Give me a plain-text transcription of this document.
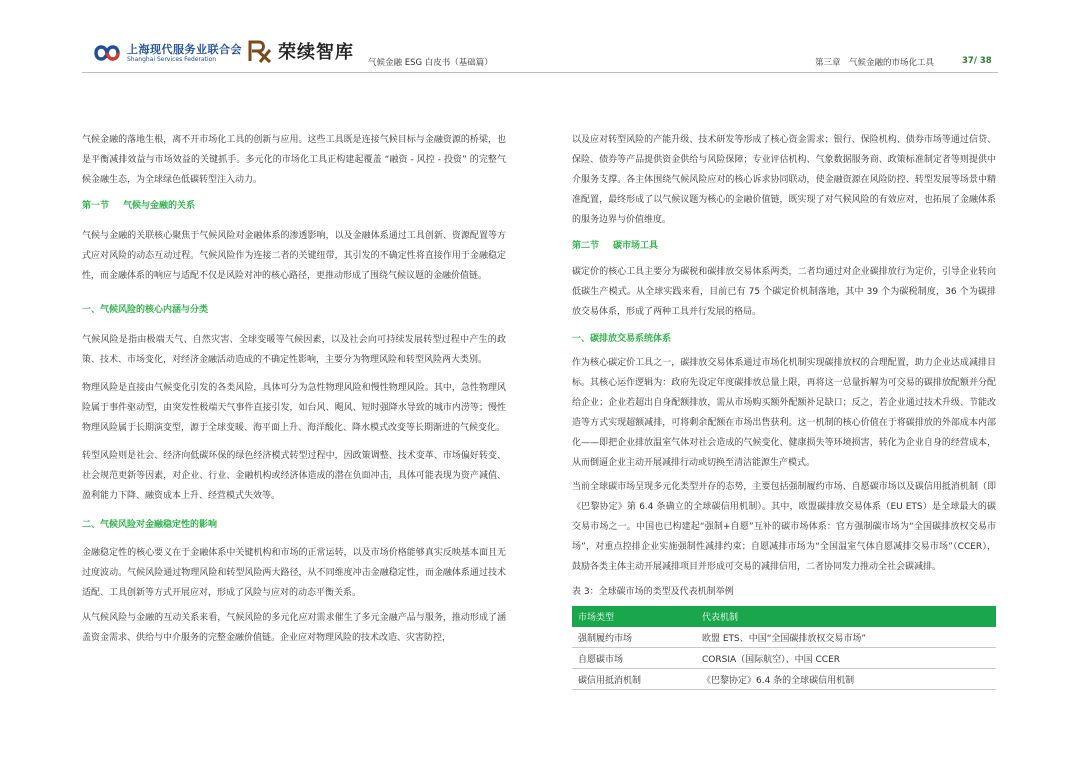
上海现代服务业联合会
Shanghai Services Federation	荣续智库 气候金融 ESG 白皮书（基础篇）	第三章　气候金融的市场化工具	37/ 38

气候金融的落地生根，离不开市场化工具的创新与应用。这些工具既是连接气候目标与金融资源的桥梁，也是平衡减排效益与市场效益的关键抓手。多元化的市场化工具正构建起覆盖 “融资 - 风控 - 投资” 的完整气候金融生态，为全球绿色低碳转型注入动力。

第一节 气候与金融的关系

气候与金融的关联核心聚焦于气候风险对金融体系的渗透影响，以及金融体系通过工具创新、资源配置等方式应对风险的动态互动过程。气候风险作为连接二者的关键纽带，其引发的不确定性将直接作用于金融稳定性，而金融体系的响应与适配不仅是风险对冲的核心路径，更推动形成了围绕气候议题的金融价值链。

一、气候风险的核心内涵与分类

气候风险是指由极端天气、自然灾害、全球变暖等气候因素，以及社会向可持续发展转型过程中产生的政策、技术、市场变化，对经济金融活动造成的不确定性影响，主要分为物理风险和转型风险两大类别。

物理风险是直接由气候变化引发的各类风险，具体可分为急性物理风险和慢性物理风险。其中，急性物理风险属于事件驱动型，由突发性极端天气事件直接引发，如台风、飓风、短时强降水导致的城市内涝等；慢性物理风险属于长期演变型，源于全球变暖、海平面上升、海洋酸化、降水模式改变等长期渐进的气候变化。

转型风险则是社会、经济向低碳环保的绿色经济模式转型过程中，因政策调整、技术变革、市场偏好转变、社会规范更新等因素，对企业、行业、金融机构或经济体造成的潜在负面冲击，具体可能表现为资产减值、盈利能力下降、融资成本上升、经营模式失效等。

二、气候风险对金融稳定性的影响

金融稳定性的核心要义在于金融体系中关键机构和市场的正常运转，以及市场价格能够真实反映基本面且无过度波动。气候风险通过物理风险和转型风险两大路径，从不同维度冲击金融稳定性，而金融体系通过技术适配、工具创新等方式开展应对，形成了风险与应对的动态平衡关系。

从气候风险与金融的互动关系来看，气候风险的多元化应对需求催生了多元金融产品与服务，推动形成了涵盖资金需求、供给与中介服务的完整金融价值链。企业应对物理风险的技术改造、灾害防控，

以及应对转型风险的产能升级、技术研发等形成了核心资金需求；银行、保险机构、债券市场等通过信贷、保险、债券等产品提供资金供给与风险保障；专业评估机构、气象数据服务商、政策标准制定者等则提供中介服务支撑。各主体围绕气候风险应对的核心诉求协同联动，使金融资源在风险防控、转型发展等场景中精准配置，最终形成了以气候议题为核心的金融价值链，既实现了对气候风险的有效应对，也拓展了金融体系的服务边界与价值维度。

第二节 碳市场工具

碳定价的核心工具主要分为碳税和碳排放交易体系两类，二者均通过对企业碳排放行为定价，引导企业转向低碳生产模式。从全球实践来看，目前已有 75 个碳定价机制落地，其中 39 个为碳税制度，36 个为碳排放交易体系，形成了两种工具并行发展的格局。

一、碳排放交易系统体系

作为核心碳定价工具之一，碳排放交易体系通过市场化机制实现碳排放权的合理配置，助力企业达成减排目标。其核心运作逻辑为：政府先设定年度碳排放总量上限，再将这一总量拆解为可交易的碳排放配额并分配给企业；企业若超出自身配额排放，需从市场购买额外配额补足缺口；反之，若企业通过技术升级、节能改造等方式实现超额减排，可将剩余配额在市场出售获利。这一机制的核心价值在于将碳排放的外部成本内部化——即把企业排放温室气体对社会造成的气候变化、健康损失等环境损害，转化为企业自身的经营成本，从而倒逼企业主动开展减排行动或切换至清洁能源生产模式。

当前全球碳市场呈现多元化类型并存的态势，主要包括强制履约市场、自愿碳市场以及碳信用抵消机制（即《巴黎协定》第 6.4 条确立的全球碳信用机制）。其中，欧盟碳排放交易体系（EU ETS）是全球最大的碳交易市场之一。中国也已构建起“强制+自愿”互补的碳市场体系：官方强制碳市场为“全国碳排放权交易市场”，对重点控排企业实施强制性减排约束；自愿减排市场为“全国温室气体自愿减排交易市场”（CCER），鼓励各类主体主动开展减排项目并形成可交易的减排信用，二者协同发力推动全社会碳减排。

表 3：全球碳市场的类型及代表机制举例
市场类型	代表机制
强制履约市场	欧盟 ETS、中国“全国碳排放权交易市场”
自愿碳市场	CORSIA（国际航空）、中国 CCER
碳信用抵消机制	《巴黎协定》6.4 条的全球碳信用机制
